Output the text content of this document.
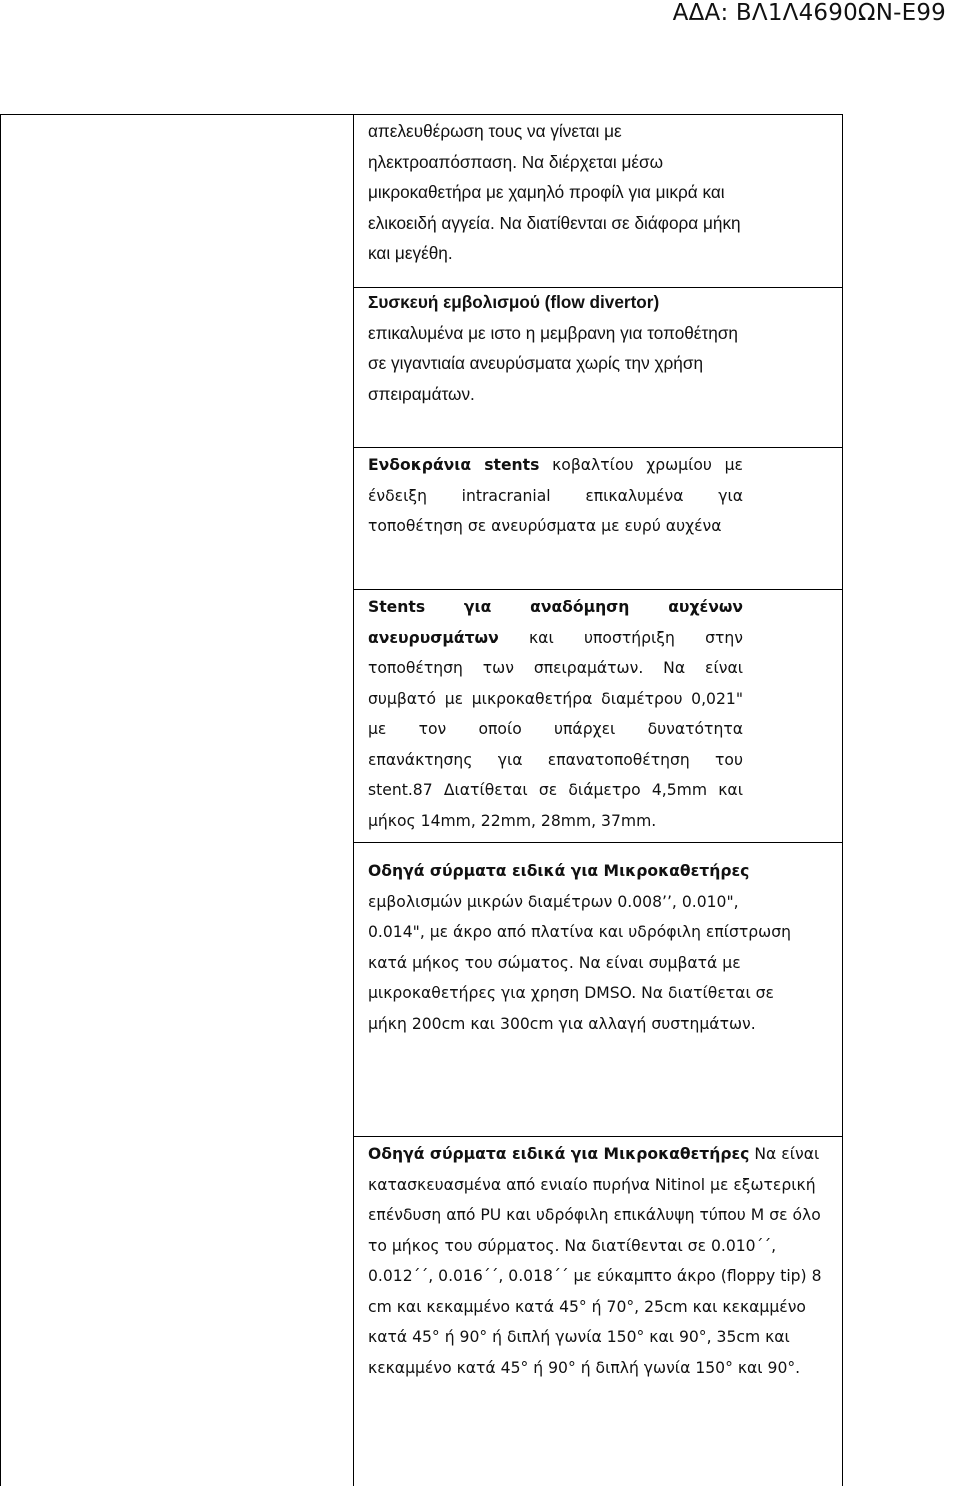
ΑΔΑ: ΒΛ1Λ4690ΩΝ-Ε99
απελευθέρωση τους να γίνεται με ηλεκτροαπόσπαση. Να διέρχεται μέσω μικροκαθετήρα με χαμηλό προφίλ για μικρά και ελικοειδή αγγεία. Να διατίθενται σε διάφορα μήκη και μεγέθη.
Συσκευή εμβολισμού (flow divertor) επικαλυμένα με ιστο η μεμβρανη για τοποθέτηση σε γιγαντιαία ανευρύσματα χωρίς την χρήση σπειραμάτων.
Ενδοκράνια stents κοβαλτίου χρωμίου με ένδειξη intracranial επικαλυμένα για τοποθέτηση σε ανευρύσματα με ευρύ αυχένα
Stents για αναδόμηση αυχένων ανευρυσμάτων και υποστήριξη στην τοποθέτηση των σπειραμάτων. Να είναι συμβατό με μικροκαθετήρα διαμέτρου 0,021" με τον οποίο υπάρχει δυνατότητα επανάκτησης για επανατοποθέτηση του stent.87 Διατίθεται σε διάμετρο 4,5mm και μήκος 14mm, 22mm, 28mm, 37mm.
Οδηγά σύρματα ειδικά για Μικροκαθετήρες εμβολισμών μικρών διαμέτρων 0.008’’, 0.010", 0.014", με άκρο από πλατίνα και υδρόφιλη επίστρωση κατά μήκος του σώματος. Να είναι συμβατά με μικροκαθετήρες για χρηση DMSO. Να διατίθεται σε μήκη 200cm και 300cm για αλλαγή συστημάτων.
Οδηγά σύρματα ειδικά για Μικροκαθετήρες Να είναι κατασκευασμένα από ενιαίο πυρήνα Nitinol με εξωτερική επένδυση από PU και υδρόφιλη επικάλυψη τύπου Μ σε όλο το μήκος του σύρματος. Να διατίθενται σε 0.010΄΄, 0.012΄΄, 0.016΄΄, 0.018΄΄ με εύκαμπτο άκρο (floppy tip) 8 cm και κεκαμμένο κατά 45° ή 70°, 25cm και κεκαμμένο κατά 45° ή 90° ή διπλή γωνία 150° και 90°, 35cm και κεκαμμένο κατά 45° ή 90° ή διπλή γωνία 150° και 90°.
